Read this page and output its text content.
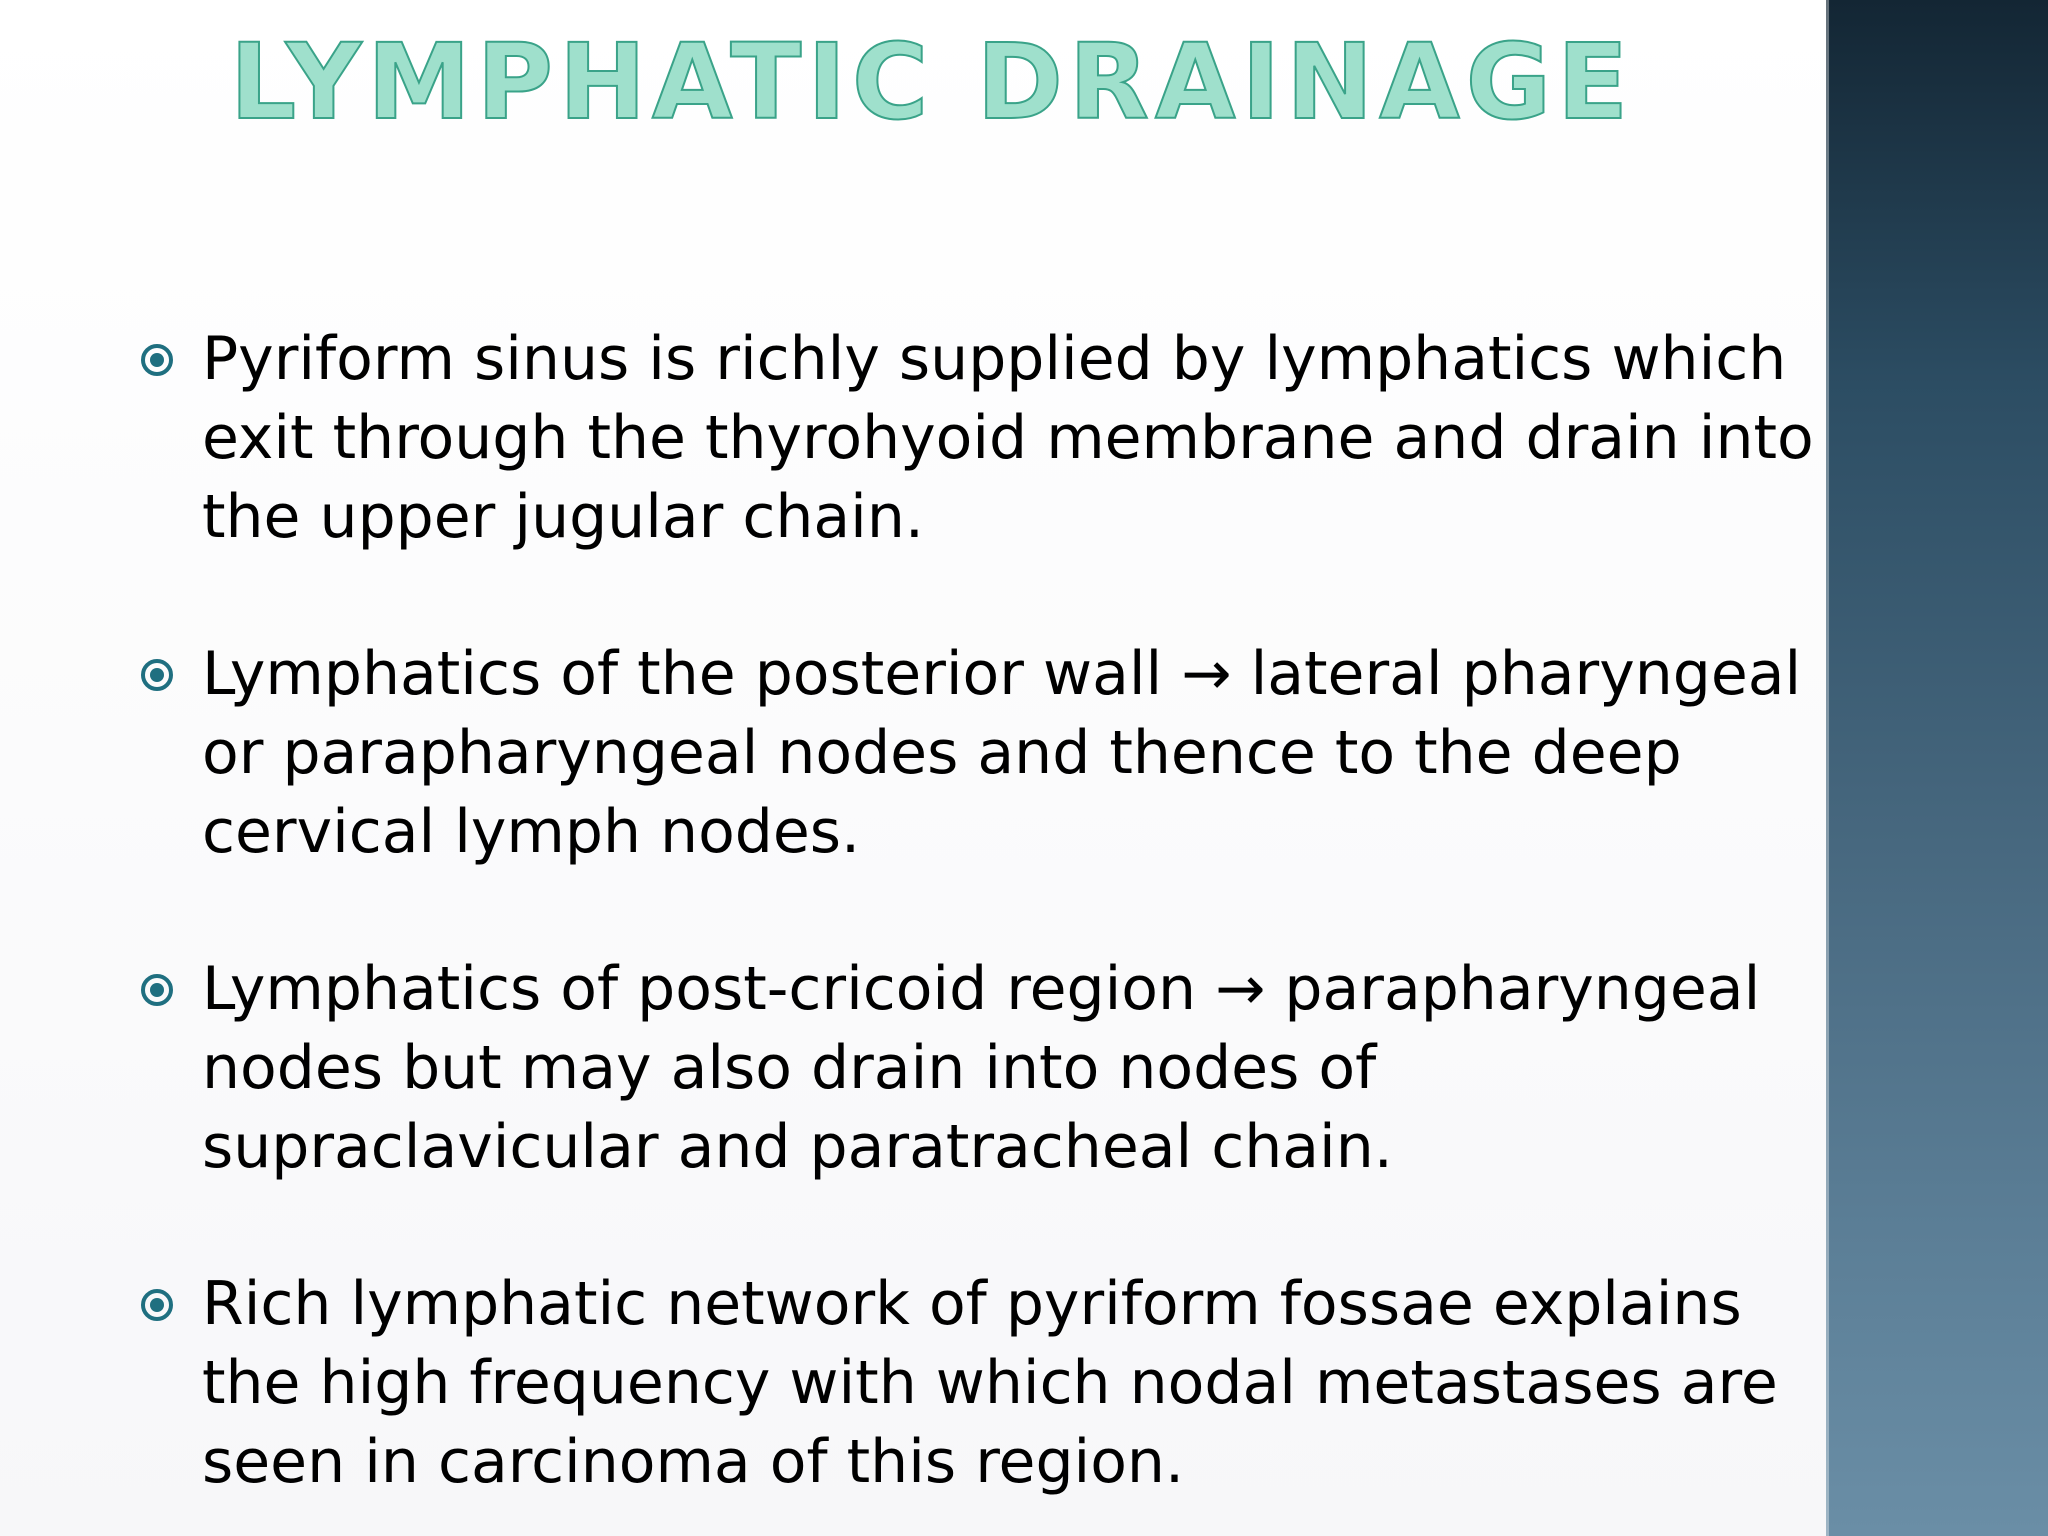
LYMPHATIC DRAINAGE
Pyriform sinus is richly supplied by lymphatics which exit through the thyrohyoid membrane and drain into the upper jugular chain.
Lymphatics of the posterior wall → lateral pharyngeal or parapharyngeal nodes and thence to the deep cervical lymph nodes.
Lymphatics of post-cricoid region → parapharyngeal nodes but may also drain into nodes of supraclavicular and paratracheal chain.
Rich lymphatic network of pyriform fossae explains the high frequency with which nodal metastases are seen in carcinoma of this region.
